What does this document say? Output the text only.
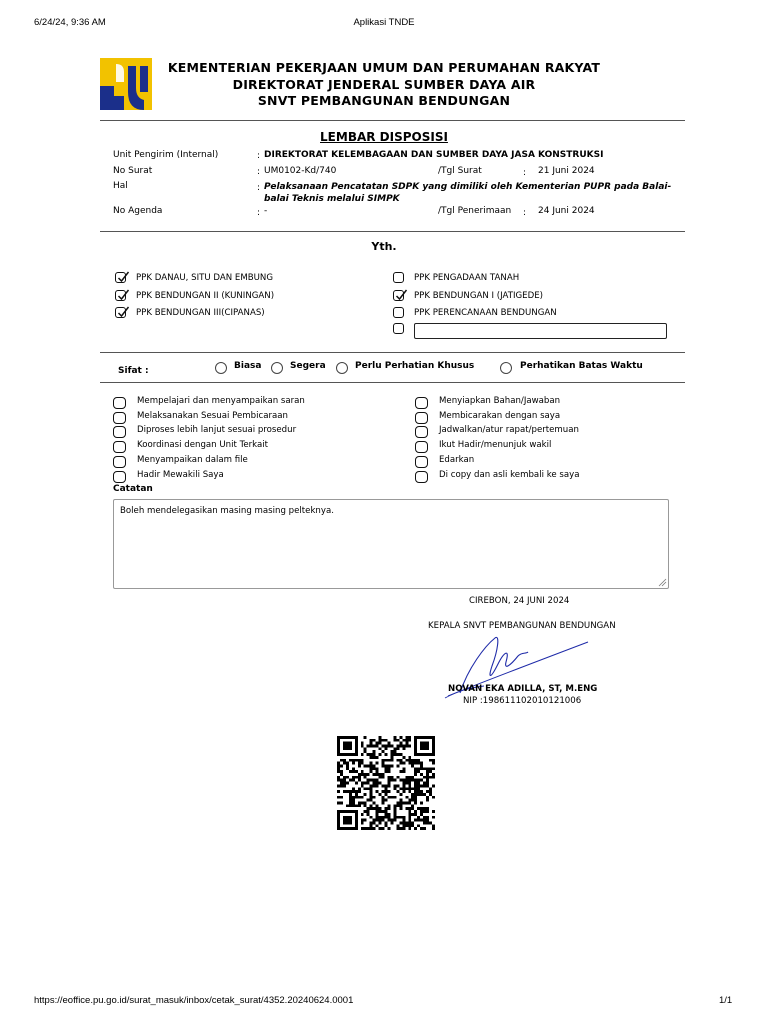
6/24/24, 9:36 AM	Aplikasi TNDE
https://eoffice.pu.go.id/surat_masuk/inbox/cetak_surat/4352.20240624.0001	1/1
KEMENTERIAN PEKERJAAN UMUM DAN PERUMAHAN RAKYAT
DIREKTORAT JENDERAL SUMBER DAYA AIR
SNVT PEMBANGUNAN BENDUNGAN
LEMBAR DISPOSISI
Unit Pengirim (Internal)	: DIREKTORAT KELEMBAGAAN DAN SUMBER DAYA JASA KONSTRUKSI
No Surat	: UM0102-Kd/740	/Tgl Surat	: 21 Juni 2024
Hal	: Pelaksanaan Pencatatan SDPK yang dimiliki oleh Kementerian PUPR pada Balai-
balai Teknis melalui SIMPK
No Agenda	: -	/Tgl Penerimaan : 24 Juni 2024
Yth.
PPK DANAU, SITU DAN EMBUNG
PPK BENDUNGAN II (KUNINGAN)
PPK BENDUNGAN III(CIPANAS)
PPK PENGADAAN TANAH
PPK BENDUNGAN I (JATIGEDE)
PPK PERENCANAAN BENDUNGAN
Sifat :	Biasa	Segera	Perlu Perhatian Khusus	Perhatikan Batas Waktu
Mempelajari dan menyampaikan saran
Melaksanakan Sesuai Pembicaraan
Diproses lebih lanjut sesuai prosedur
Koordinasi dengan Unit Terkait
Menyampaikan dalam file
Hadir Mewakili Saya
Menyiapkan Bahan/Jawaban
Membicarakan dengan saya
Jadwalkan/atur rapat/pertemuan
Ikut Hadir/menunjuk wakil
Edarkan
Di copy dan asli kembali ke saya
Catatan
Boleh mendelegasikan masing masing pelteknya.
CIREBON, 24 JUNI 2024
KEPALA SNVT PEMBANGUNAN BENDUNGAN
NOVAN EKA ADILLA, ST, M.ENG
NIP :198611102010121006
